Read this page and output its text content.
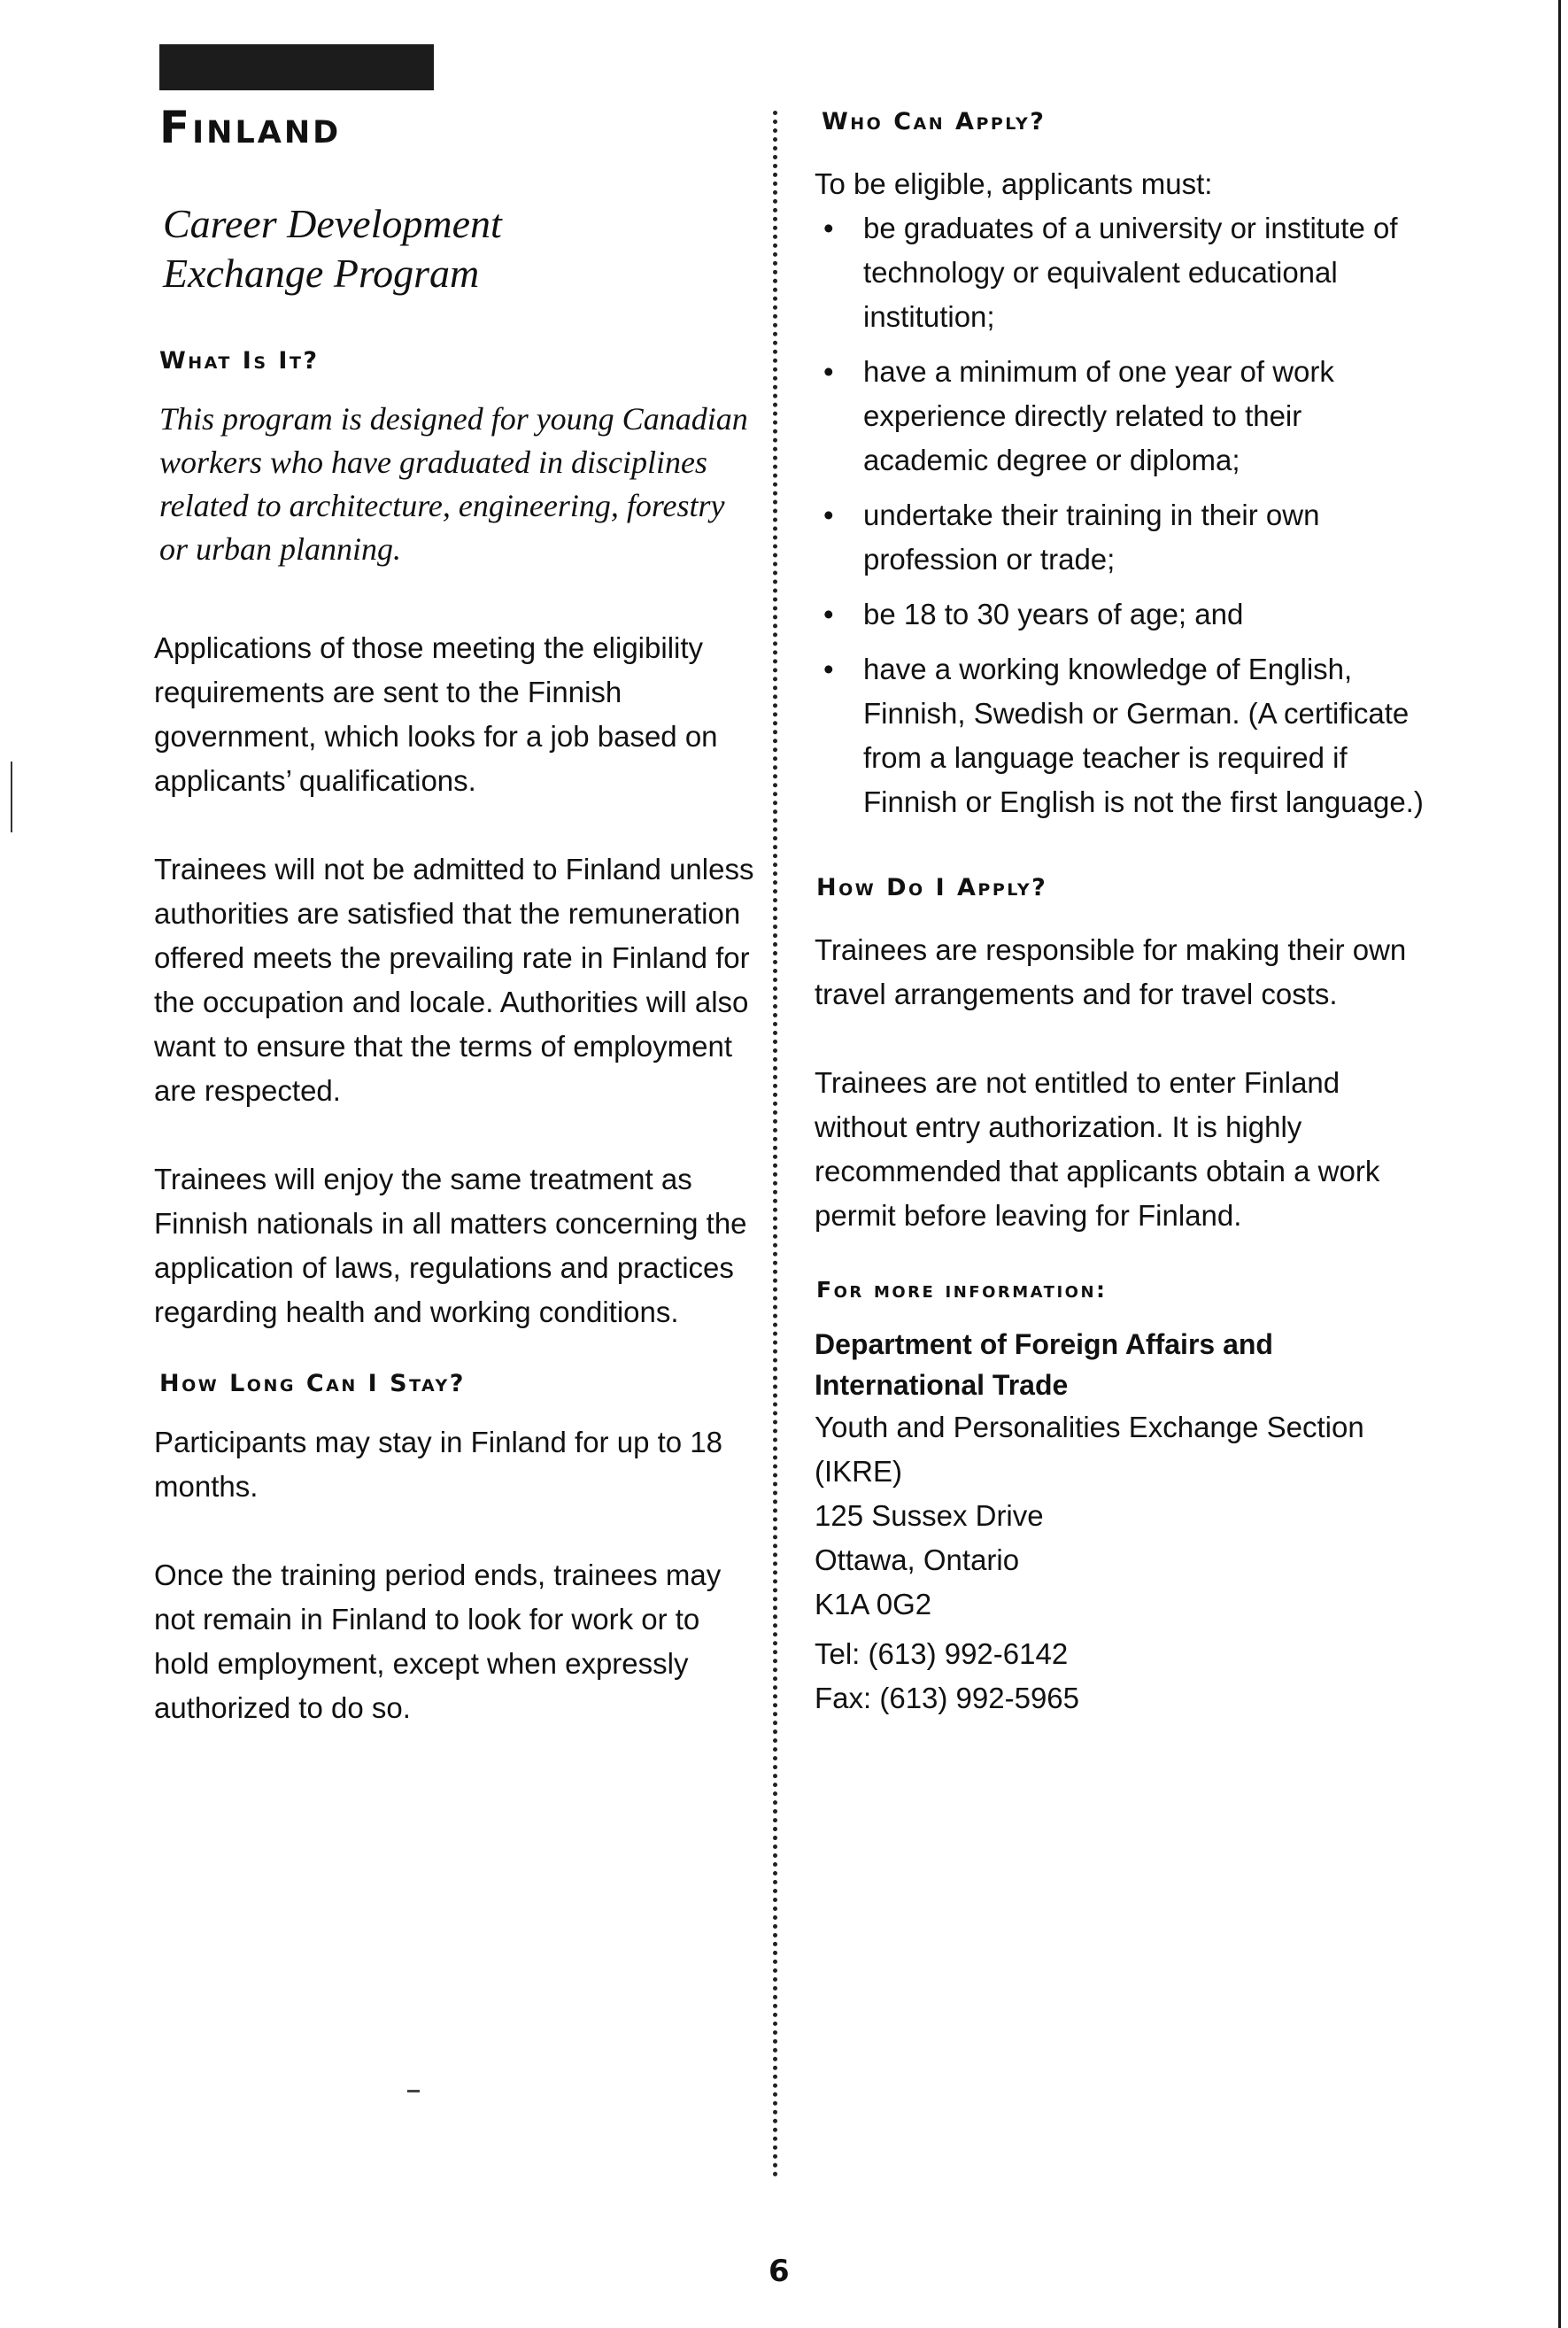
Finland
Career Development
Exchange Program
What Is It?
This program is designed for young Canadian workers who have graduated in disciplines related to architecture, engineering, forestry or urban planning.

Applications of those meeting the eligibility requirements are sent to the Finnish government, which looks for a job based on applicants’ qualifications.

Trainees will not be admitted to Finland unless authorities are satisfied that the remuneration offered meets the prevailing rate in Finland for the occupation and locale. Authorities will also want to ensure that the terms of employment are respected.

Trainees will enjoy the same treatment as Finnish nationals in all matters concerning the application of laws, regulations and practices regarding health and working conditions.

How Long Can I Stay?

Participants may stay in Finland for up to 18 months.

Once the training period ends, trainees may not remain in Finland to look for work or to hold employment, except when expressly authorized to do so.

Who Can Apply?

To be eligible, applicants must:

• be graduates of a university or institute of technology or equivalent educational institution;
• have a minimum of one year of work experience directly related to their academic degree or diploma;
• undertake their training in their own profession or trade;
• be 18 to 30 years of age; and
• have a working knowledge of English, Finnish, Swedish or German. (A certificate from a language teacher is required if Finnish or English is not the first language.)
How Do I Apply?

Trainees are responsible for making their own travel arrangements and for travel costs.

Trainees are not entitled to enter Finland without entry authorization. It is highly recommended that applicants obtain a work permit before leaving for Finland.

For more information:

Department of Foreign Affairs and

International Trade

Youth and Personalities Exchange Section

(IKRE)

125 Sussex Drive

Ottawa, Ontario

K1A 0G2

Tel: (613) 992-6142

Fax: (613) 992-5965

6
